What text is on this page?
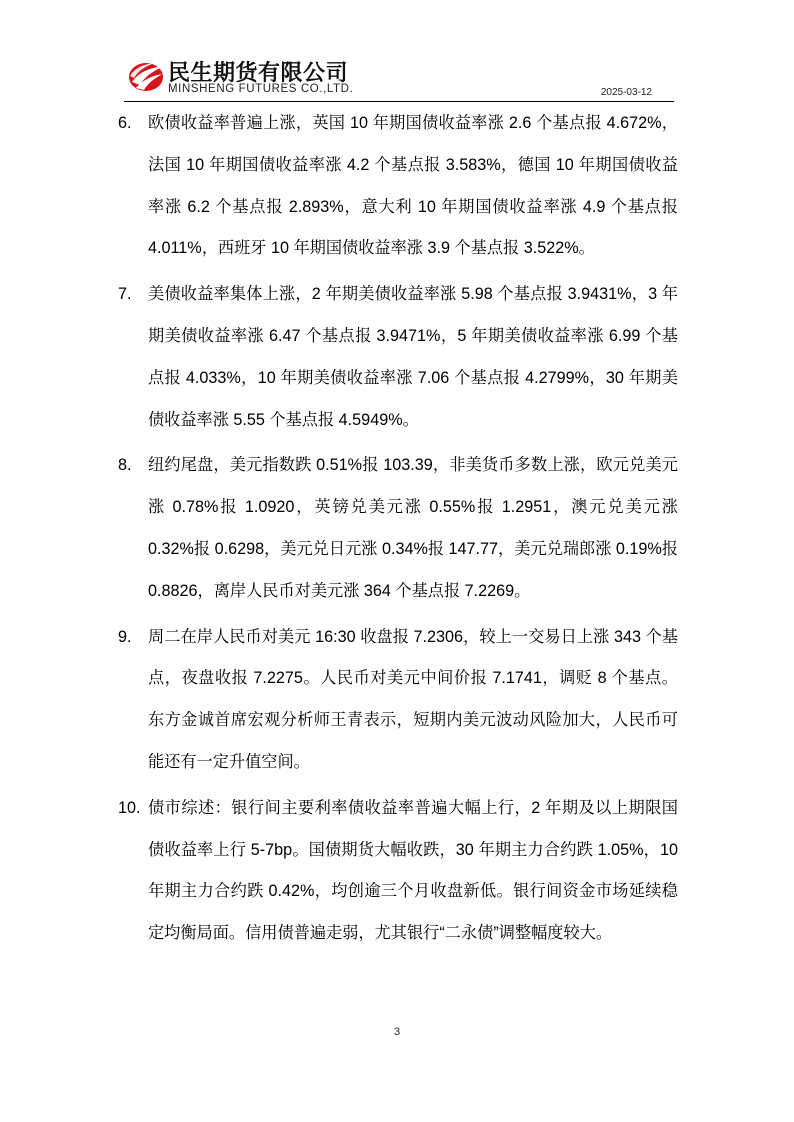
民生期货有限公司
MINSHENG FUTURES CO.,LTD.	2025-03-12
6. 欧债收益率普遍上涨，英国 10 年期国债收益率涨 2.6 个基点报 4.672%，法国 10 年期国债收益率涨 4.2 个基点报 3.583%，德国 10 年期国债收益率涨 6.2 个基点报 2.893%，意大利 10 年期国债收益率涨 4.9 个基点报 4.011%，西班牙 10 年期国债收益率涨 3.9 个基点报 3.522%。
7. 美债收益率集体上涨，2 年期美债收益率涨 5.98 个基点报 3.9431%，3 年期美债收益率涨 6.47 个基点报 3.9471%，5 年期美债收益率涨 6.99 个基点报 4.033%，10 年期美债收益率涨 7.06 个基点报 4.2799%，30 年期美债收益率涨 5.55 个基点报 4.5949%。
8. 纽约尾盘，美元指数跌 0.51%报 103.39，非美货币多数上涨，欧元兑美元涨 0.78%报 1.0920，英镑兑美元涨 0.55%报 1.2951，澳元兑美元涨 0.32%报 0.6298，美元兑日元涨 0.34%报 147.77，美元兑瑞郎涨 0.19%报 0.8826，离岸人民币对美元涨 364 个基点报 7.2269。
9. 周二在岸人民币对美元 16:30 收盘报 7.2306，较上一交易日上涨 343 个基点，夜盘收报 7.2275。人民币对美元中间价报 7.1741，调贬 8 个基点。东方金诚首席宏观分析师王青表示，短期内美元波动风险加大，人民币可能还有一定升值空间。
10. 债市综述：银行间主要利率债收益率普遍大幅上行，2 年期及以上期限国债收益率上行 5-7bp。国债期货大幅收跌，30 年期主力合约跌 1.05%，10 年期主力合约跌 0.42%，均创逾三个月收盘新低。银行间资金市场延续稳定均衡局面。信用债普遍走弱，尤其银行“二永债”调整幅度较大。
3
